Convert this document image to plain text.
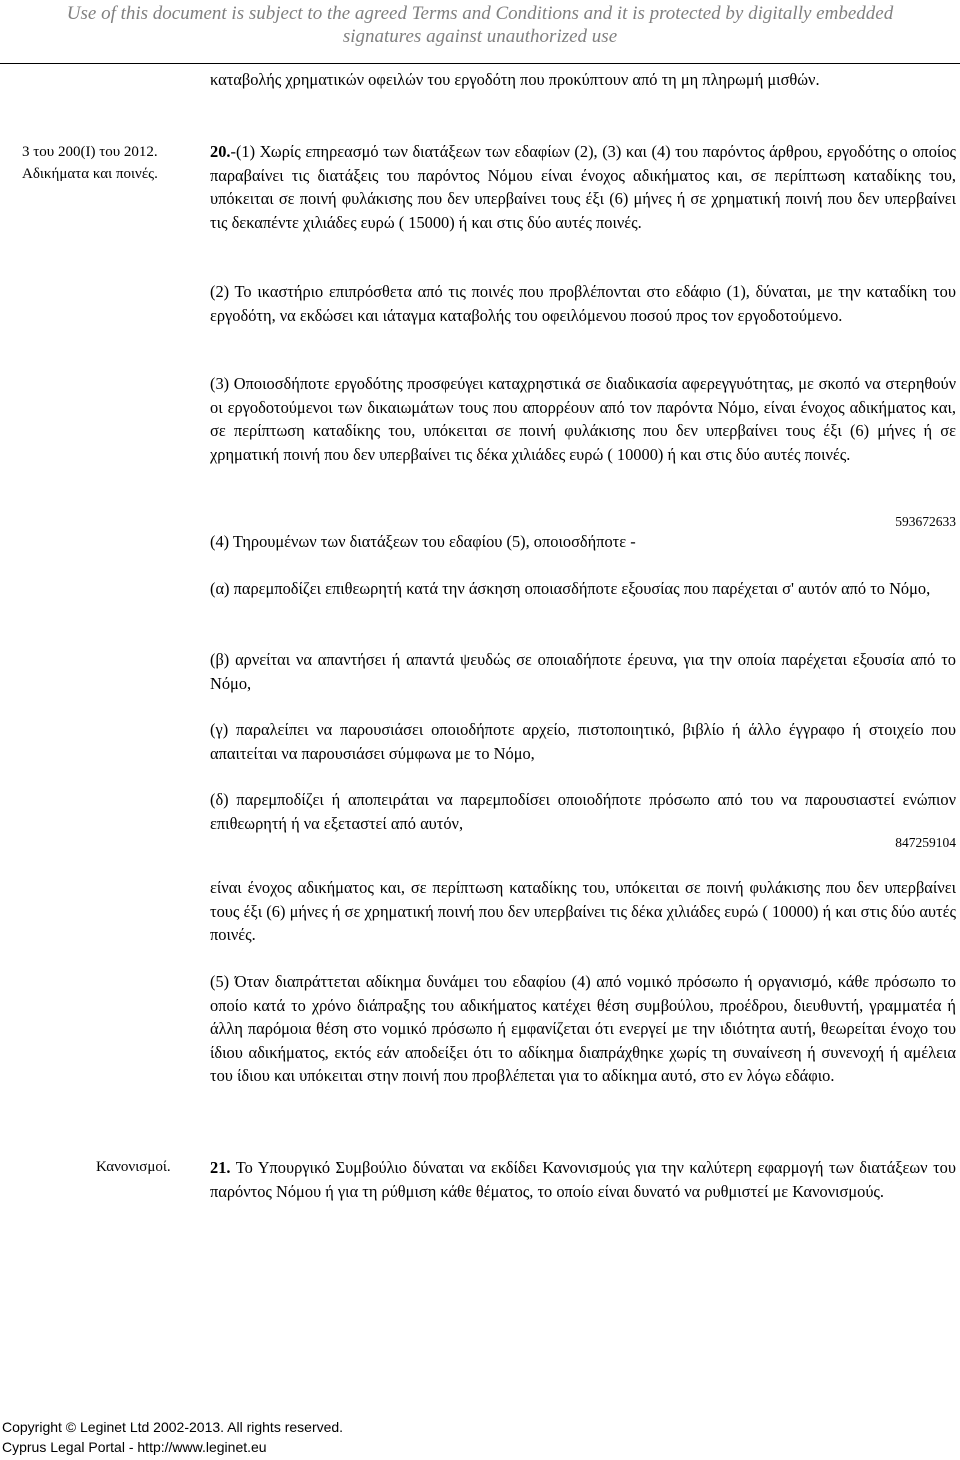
Use of this document is subject to the agreed Terms and Conditions and it is protected by digitally embedded
signatures against unauthorized use
καταβολής χρηματικών οφειλών του εργοδότη που προκύπτουν από τη μη πληρωμή μισθών.
3 του 200(Ι) του 2012.
Αδικήματα και ποινές.
20.-(1) Χωρίς επηρεασμό των διατάξεων των εδαφίων (2), (3) και (4) του παρόντος άρθρου, εργοδότης ο οποίος παραβαίνει τις διατάξεις του παρόντος Νόμου είναι ένοχος αδικήματος και, σε περίπτωση καταδίκης του, υπόκειται σε ποινή φυλάκισης που δεν υπερβαίνει τους έξι (6) μήνες ή σε χρηματική ποινή που δεν υπερβαίνει τις δεκαπέντε χιλιάδες ευρώ ( 15000) ή και στις δύο αυτές ποινές.
(2) Το ικαστήριο επιπρόσθετα από τις ποινές που προβλέπονται στο εδάφιο (1), δύναται, με την καταδίκη του εργοδότη, να εκδώσει και ιάταγμα καταβολής του οφειλόμενου ποσού προς τον εργοδοτούμενο.
(3) Οποιοσδήποτε εργοδότης προσφεύγει καταχρηστικά σε διαδικασία αφερεγγυότητας, με σκοπό να στερηθούν οι εργοδοτούμενοι των δικαιωμάτων τους που απορρέουν από τον παρόντα Νόμο, είναι ένοχος αδικήματος και, σε περίπτωση καταδίκης του, υπόκειται σε ποινή φυλάκισης που δεν υπερβαίνει τους έξι (6) μήνες ή σε χρηματική ποινή που δεν υπερβαίνει τις δέκα χιλιάδες ευρώ ( 10000) ή και στις δύο αυτές ποινές.
593672633
(4) Τηρουμένων των διατάξεων του εδαφίου (5), οποιοσδήποτε -
(α) παρεμποδίζει επιθεωρητή κατά την άσκηση οποιασδήποτε εξουσίας που παρέχεται σ' αυτόν από το Νόμο,
(β) αρνείται να απαντήσει ή απαντά ψευδώς σε οποιαδήποτε έρευνα, για την οποία παρέχεται εξουσία από το Νόμο,
(γ) παραλείπει να παρουσιάσει οποιοδήποτε αρχείο, πιστοποιητικό, βιβλίο ή άλλο έγγραφο ή στοιχείο που απαιτείται να παρουσιάσει σύμφωνα με το Νόμο,
(δ) παρεμποδίζει ή αποπειράται να παρεμποδίσει οποιοδήποτε πρόσωπο από του να παρουσιαστεί ενώπιον επιθεωρητή ή να εξεταστεί από αυτόν,
847259104
είναι ένοχος αδικήματος και, σε περίπτωση καταδίκης του, υπόκειται σε ποινή φυλάκισης που δεν υπερβαίνει τους έξι (6) μήνες ή σε χρηματική ποινή που δεν υπερβαίνει τις δέκα χιλιάδες ευρώ ( 10000) ή και στις δύο αυτές ποινές.
(5) Όταν διαπράττεται αδίκημα δυνάμει του εδαφίου (4) από νομικό πρόσωπο ή οργανισμό, κάθε πρόσωπο το οποίο κατά το χρόνο διάπραξης του αδικήματος κατέχει θέση συμβούλου, προέδρου, διευθυντή, γραμματέα ή άλλη παρόμοια θέση στο νομικό πρόσωπο ή εμφανίζεται ότι ενεργεί με την ιδιότητα αυτή, θεωρείται ένοχο του ίδιου αδικήματος, εκτός εάν αποδείξει ότι το αδίκημα διαπράχθηκε χωρίς τη συναίνεση ή συνενοχή ή αμέλεια του ίδιου και υπόκειται στην ποινή που προβλέπεται για το αδίκημα αυτό, στο εν λόγω εδάφιο.
Κανονισμοί.	21. Το Υπουργικό Συμβούλιο δύναται να εκδίδει Κανονισμούς για την καλύτερη εφαρμογή των διατάξεων του παρόντος Νόμου ή για τη ρύθμιση κάθε θέματος, το οποίο είναι δυνατό να ρυθμιστεί με Κανονισμούς.
Copyright © Leginet Ltd 2002-2013. All rights reserved.
Cyprus Legal Portal - http://www.leginet.eu
